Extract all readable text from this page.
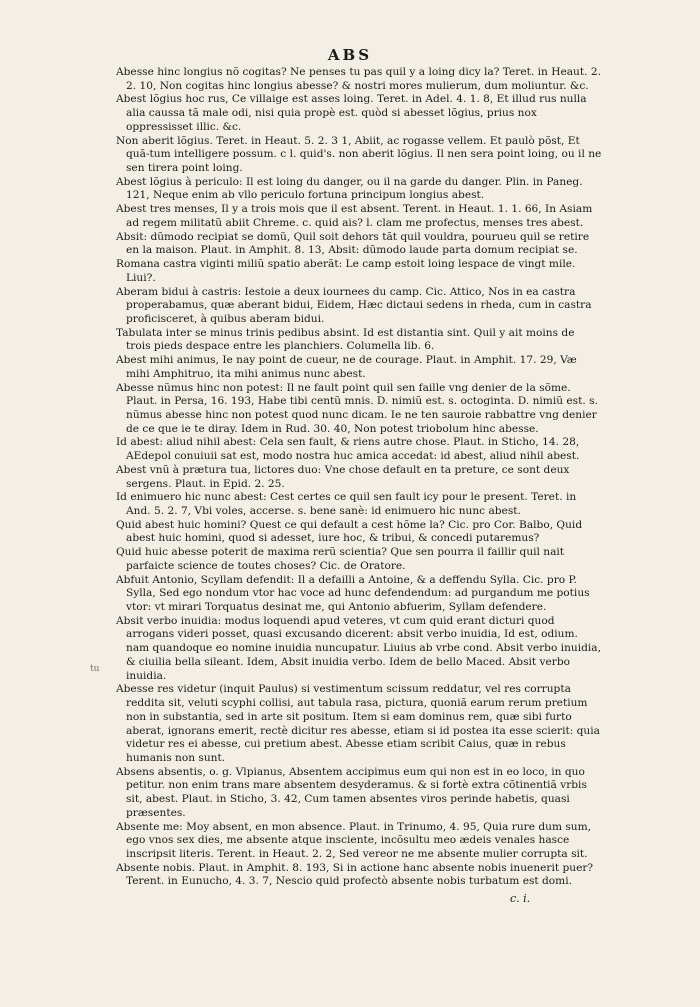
ABS
tu

Abesse hinc longius nõ cogitas? Ne penses tu pas quil y a loing dicy la? Teret. in Heaut. 2. 2. 10, Non cogitas hinc longius abesse? & nostri mores mulierum, dum moliuntur. &c.

Abest lõgius hoc rus, Ce villaige est asses loing. Teret. in Adel. 4. 1. 8, Et illud rus nulla alia caussa tã male odi, nisi quia propè est. quòd si abesset lõgius, prius nox oppressisset illic. &c.

Non aberit lõgius. Teret. in Heaut. 5. 2. 3 1, Abiit, ac rogasse vellem. Et paulò põst, Et quã-tum intelligere possum. c l. quid's. non aberit lõgius. Il nen sera point loing, ou il ne sen tirera point loing.

Abest lõgius à periculo: Il est loing du danger, ou il na garde du danger. Plin. in Paneg. 121, Neque enim ab vllo periculo fortuna principum longius abest.

Abest tres menses, Il y a trois mois que il est absent. Terent. in Heaut. 1. 1. 66, In Asiam ad regem militatũ abiit Chreme. c. quid ais? l. clam me profectus, menses tres abest.

Absit: dũmodo recipiat se domũ, Quil soit dehors tãt quil vouldra, pourueu quil se retire en la maison. Plaut. in Amphit. 8. 13, Absit: dũmodo laude parta domum recipiat se.

Romana castra viginti miliũ spatio aberãt: Le camp estoit loing lespace de vingt mile. Liui?.

Aberam bidui à castris: Iestoie a deux iournees du camp. Cic. Attico, Nos in ea castra properabamus, quæ aberant bidui, Eidem, Hæc dictaui sedens in rheda, cum in castra proficisceret, à quibus aberam bidui.

Tabulata inter se minus trinis pedibus absint. Id est distantia sint. Quil y ait moins de trois pieds despace entre les planchiers. Columella lib. 6.

Abest mihi animus, Ie nay point de cueur, ne de courage. Plaut. in Amphit. 17. 29, Væ mihi Amphitruo, ita mihi animus nunc abest.

Abesse nũmus hinc non potest: Il ne fault point quil sen faille vng denier de la sõme. Plaut. in Persa, 16. 193, Habe tibi centũ mnis. D. nimiũ est. s. octoginta. D. nimiũ est. s. nũmus abesse hinc non potest quod nunc dicam. Ie ne ten sauroie rabbattre vng denier de ce que ie te diray. Idem in Rud. 30. 40, Non potest triobolum hinc abesse.

Id abest: aliud nihil abest: Cela sen fault, & riens autre chose. Plaut. in Sticho, 14. 28, AEdepol conuiuii sat est, modo nostra huc amica accedat: id abest, aliud nihil abest.

Abest vnũ à prætura tua, lictores duo: Vne chose default en ta preture, ce sont deux sergens. Plaut. in Epid. 2. 25.

Id enimuero hic nunc abest: Cest certes ce quil sen fault icy pour le present. Teret. in And. 5. 2. 7, Vbi voles, accerse. s. bene sanè: id enimuero hic nunc abest.

Quid abest huic homini? Quest ce qui default a cest hõme la? Cic. pro Cor. Balbo, Quid abest huic homini, quod si adesset, iure hoc, & tribui, & concedi putaremus?

Quid huic abesse poterit de maxima rerũ scientia? Que sen pourra il faillir quil nait parfaicte science de toutes choses? Cic. de Oratore.

Abfuit Antonio, Scyllam defendit: Il a defailli a Antoine, & a deffendu Sylla. Cic. pro P. Sylla, Sed ego nondum vtor hac voce ad hunc defendendum: ad purgandum me potius vtor: vt mirari Torquatus desinat me, qui Antonio abfuerim, Syllam defendere.

Absit verbo inuidia: modus loquendi apud veteres, vt cum quid erant dicturi quod arrogans videri posset, quasi excusando dicerent: absit verbo inuidia, Id est, odium. nam quandoque eo nomine inuidia nuncupatur. Liuius ab vrbe cond. Absit verbo inuidia, & ciuilia bella sileant. Idem, Absit inuidia verbo. Idem de bello Maced. Absit verbo inuidia.

Abesse res videtur (inquit Paulus) si vestimentum scissum reddatur, vel res corrupta reddita sit, veluti scyphi collisi, aut tabula rasa, pictura, quoniã earum rerum pretium non in substantia, sed in arte sit positum. Item si eam dominus rem, quæ sibi furto aberat, ignorans emerit, rectè dicitur res abesse, etiam si id postea ita esse scierit: quia videtur res ei abesse, cui pretium abest. Abesse etiam scribit Caius, quæ in rebus humanis non sunt.

Absens absentis, o. g. Vlpianus, Absentem accipimus eum qui non est in eo loco, in quo petitur. non enim trans mare absentem desyderamus. & si fortè extra cõtinentiã vrbis sit, abest. Plaut. in Sticho, 3. 42, Cum tamen absentes viros perinde habetis, quasi præsentes.

Absente me: Moy absent, en mon absence. Plaut. in Trinumo, 4. 95, Quia rure dum sum, ego vnos sex dies, me absente atque insciente, incõsultu meo ædeis venales hasce inscripsit literis. Terent. in Heaut. 2. 2, Sed vereor ne me absente mulier corrupta sit.

Absente nobis. Plaut. in Amphit. 8. 193, Si in actione hanc absente nobis inuenerit puer? Terent. in Eunucho, 4. 3. 7, Nescio quid profectò absente nobis turbatum est domi.

c. i.
